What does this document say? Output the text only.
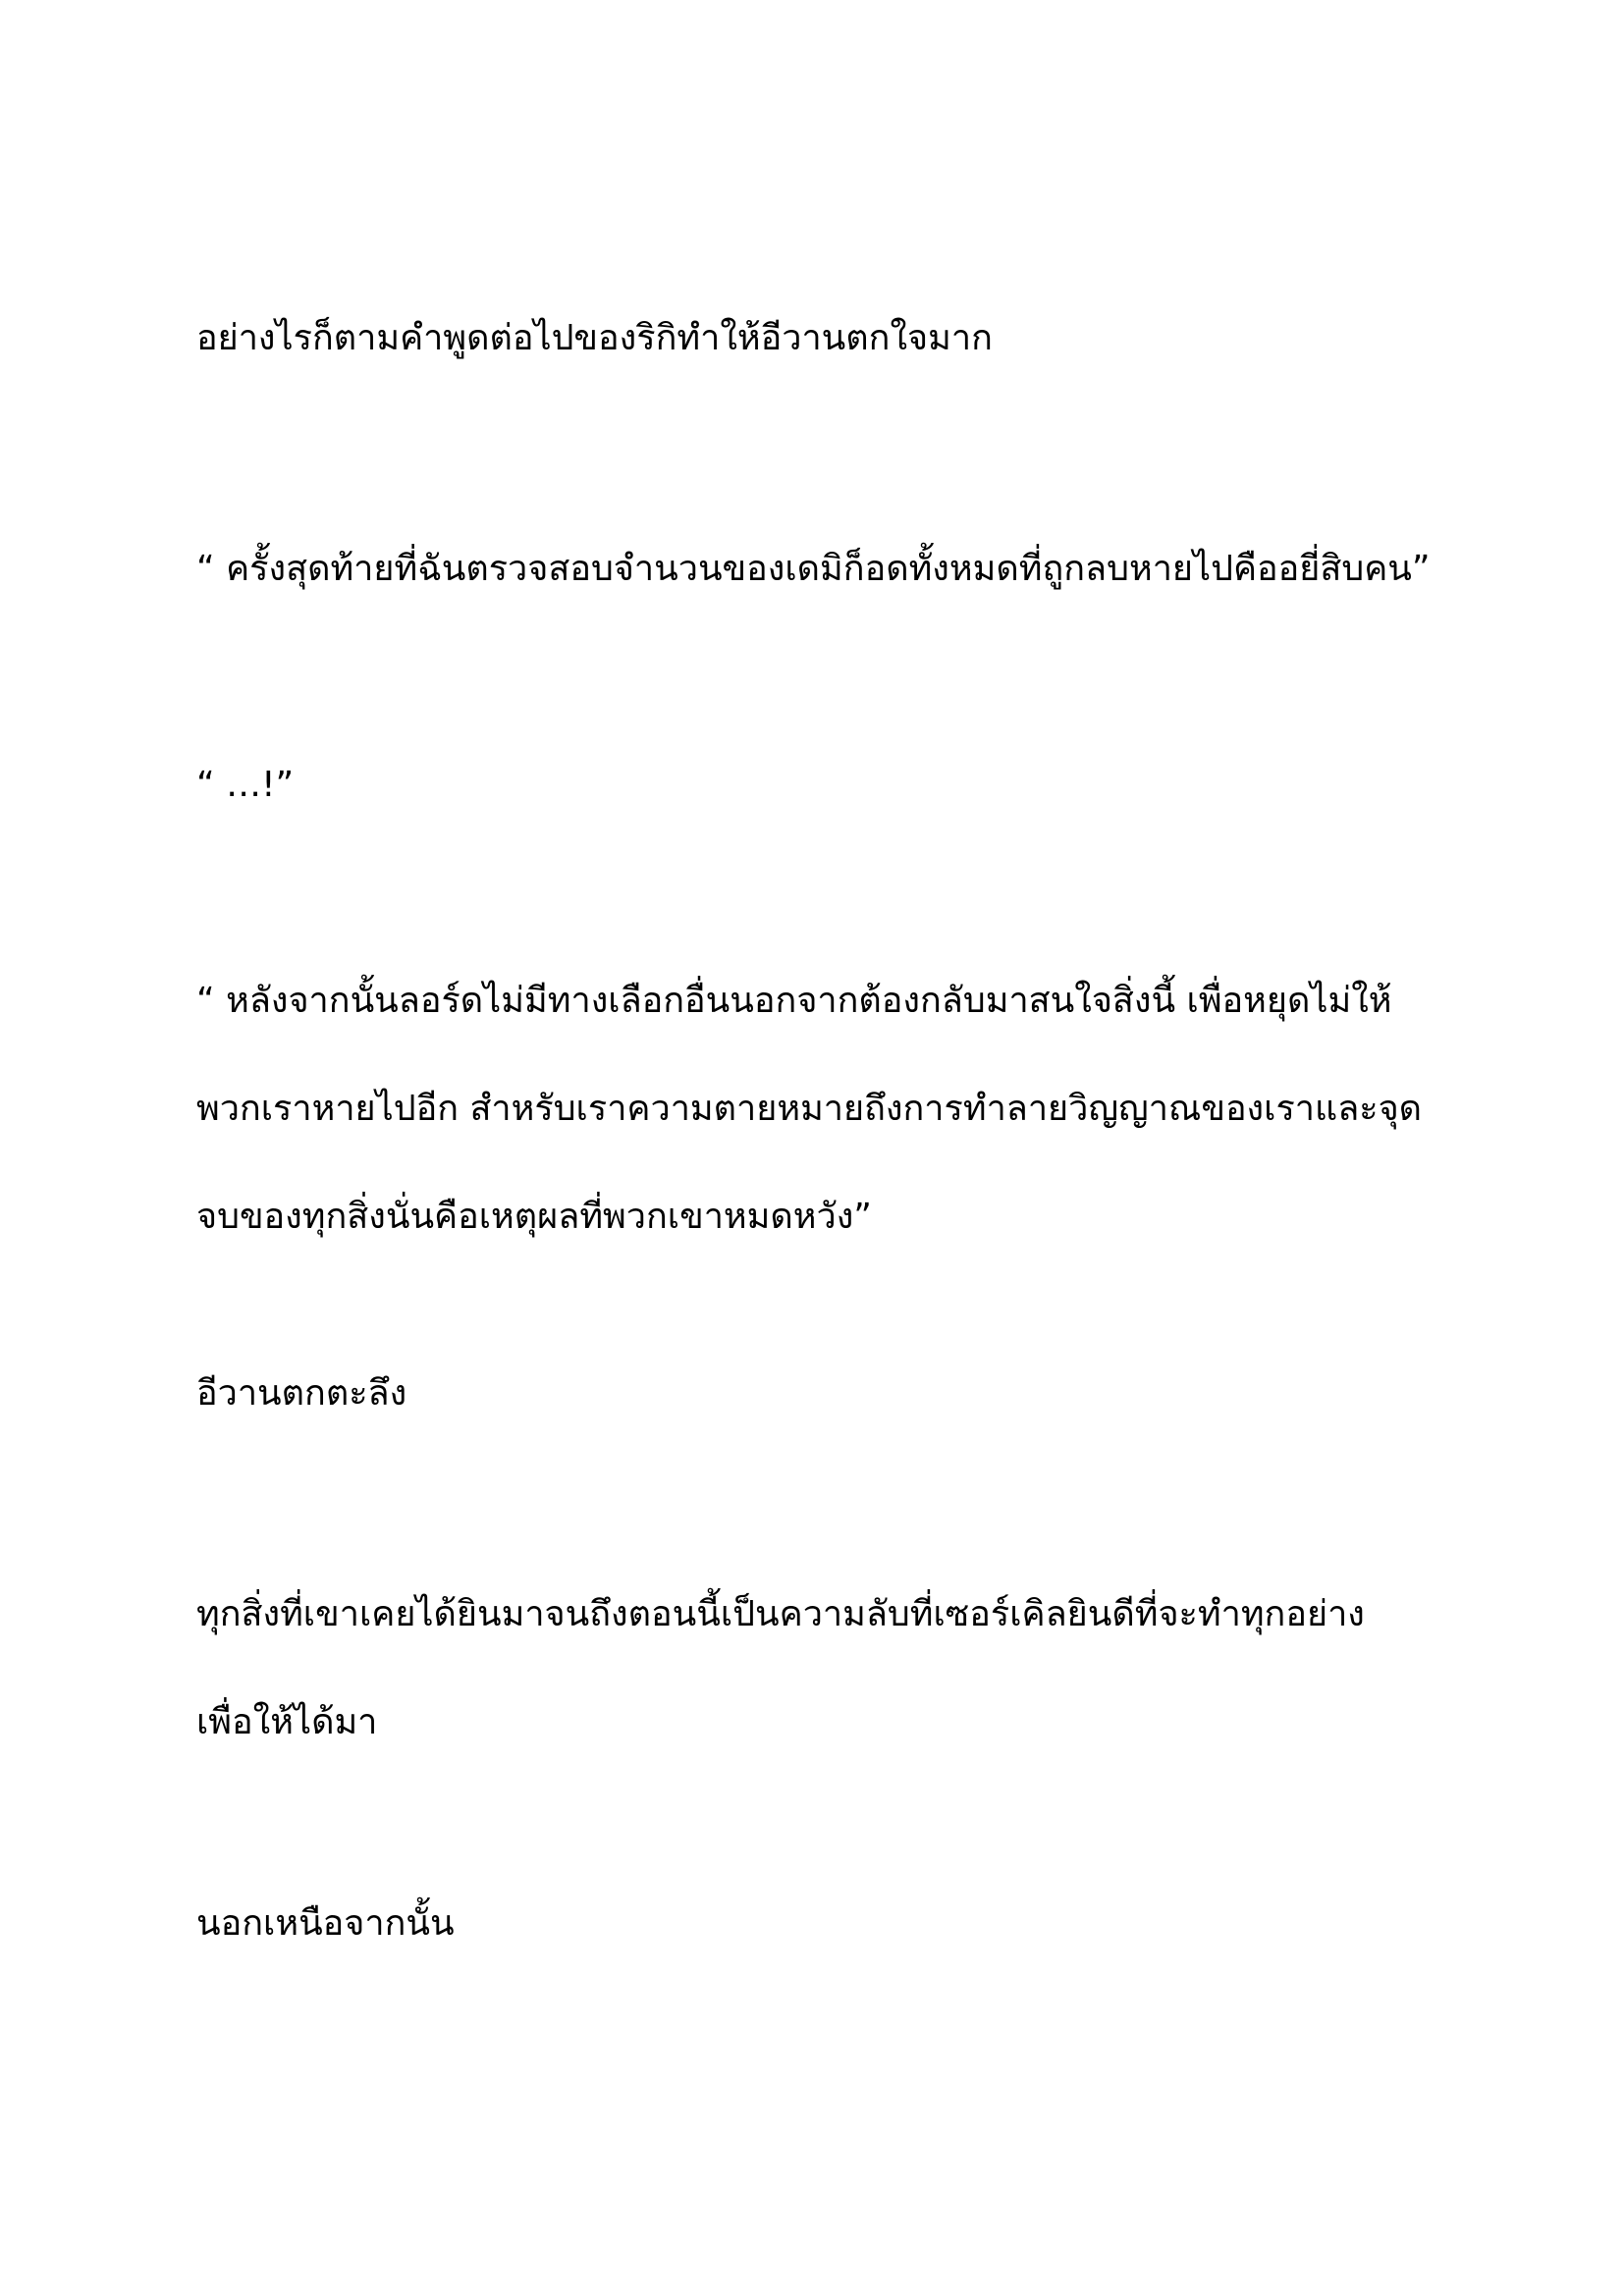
อย่างไรก็ตามคำพูดต่อไปของริกิทำให้อีวานตกใจมาก

“ ครั้งสุดท้ายที่ฉันตรวจสอบจำนวนของเดมิก็อดทั้งหมดที่ถูกลบหายไปคืออยี่สิบคน”

“ …!”

“ หลังจากนั้นลอร์ดไม่มีทางเลือกอื่นนอกจากต้องกลับมาสนใจสิ่งนี้ เพื่อหยุดไม่ให้
พวกเราหายไปอีก สำหรับเราความตายหมายถึงการทำลายวิญญาณของเราและจุด
จบของทุกสิ่งนั่นคือเหตุผลที่พวกเขาหมดหวัง”

อีวานตกตะลึง

ทุกสิ่งที่เขาเคยได้ยินมาจนถึงตอนนี้เป็นความลับที่เซอร์เคิลยินดีที่จะทำทุกอย่าง
เพื่อให้ได้มา

นอกเหนือจากนั้น
